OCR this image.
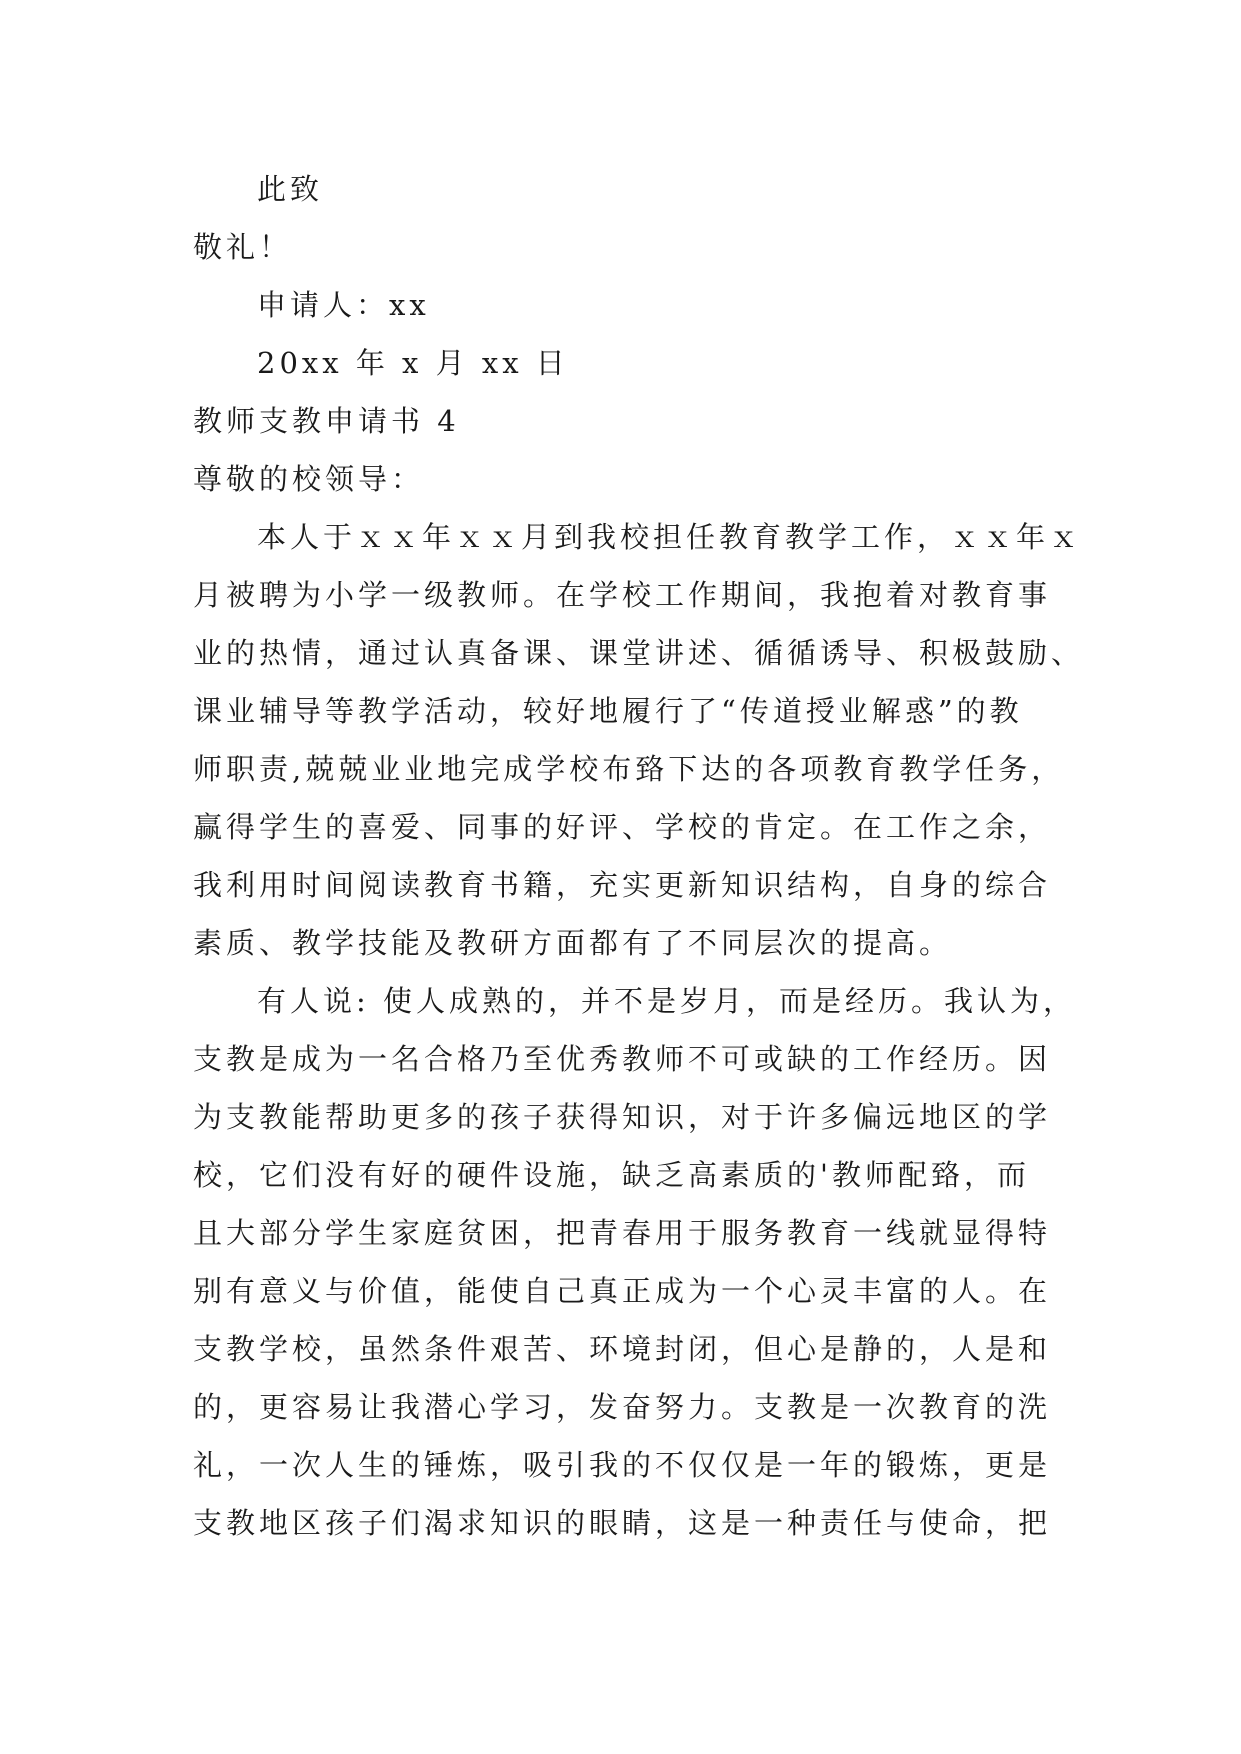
此致
敬礼！
申请人：xx
20xx 年 x 月 xx 日
教师支教申请书 4
尊敬的校领导：
本人于ｘｘ年ｘｘ月到我校担任教育教学工作，ｘｘ年ｘ
月被聘为小学一级教师。在学校工作期间，我抱着对教育事
业的热情，通过认真备课、课堂讲述、循循诱导、积极鼓励、
课业辅导等教学活动，较好地履行了“传道授业解惑”的教
师职责,兢兢业业地完成学校布臵下达的各项教育教学任务，
赢得学生的喜爱、同事的好评、学校的肯定。在工作之余，
我利用时间阅读教育书籍，充实更新知识结构，自身的综合
素质、教学技能及教研方面都有了不同层次的提高。
有人说: 使人成熟的，并不是岁月，而是经历。我认为，
支教是成为一名合格乃至优秀教师不可或缺的工作经历。因
为支教能帮助更多的孩子获得知识，对于许多偏远地区的学
校，它们没有好的硬件设施，缺乏高素质的'教师配臵，而
且大部分学生家庭贫困，把青春用于服务教育一线就显得特
别有意义与价值，能使自己真正成为一个心灵丰富的人。在
支教学校，虽然条件艰苦、环境封闭，但心是静的，人是和
的，更容易让我潜心学习，发奋努力。支教是一次教育的洗
礼，一次人生的锤炼，吸引我的不仅仅是一年的锻炼，更是
支教地区孩子们渴求知识的眼睛，这是一种责任与使命，把
